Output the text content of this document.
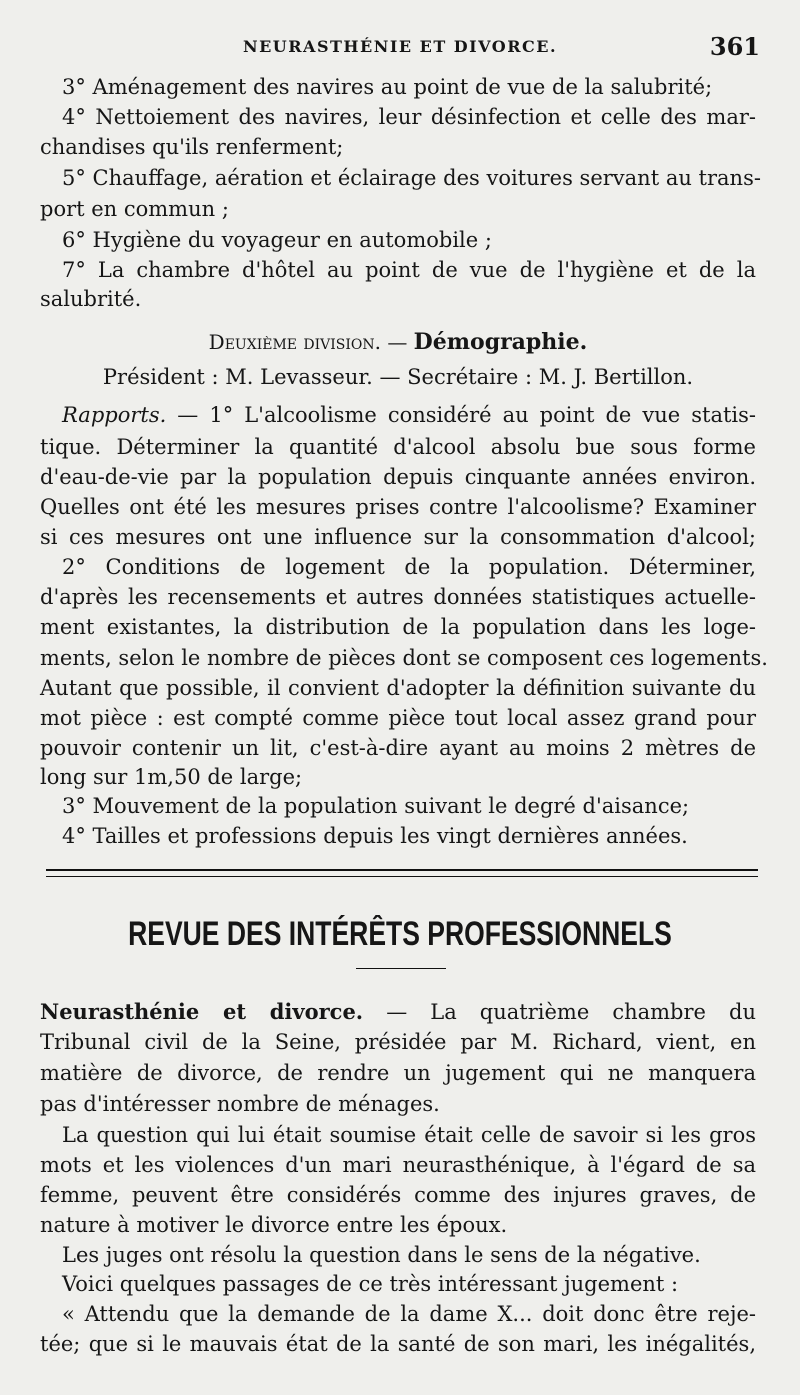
NEURASTHÉNIE ET DIVORCE.	361
3° Aménagement des navires au point de vue de la salubrité;
4° Nettoiement des navires, leur désinfection et celle des mar-
chandises qu'ils renferment;
5° Chauffage, aération et éclairage des voitures servant au trans-
port en commun ;
6° Hygiène du voyageur en automobile ;
7° La chambre d'hôtel au point de vue de l'hygiène et de la
salubrité.
Deuxième division. — Démographie.
Président : M. Levasseur. — Secrétaire : M. J. Bertillon.
Rapports. — 1° L'alcoolisme considéré au point de vue statis-
tique. Déterminer la quantité d'alcool absolu bue sous forme
d'eau-de-vie par la population depuis cinquante années environ.
Quelles ont été les mesures prises contre l'alcoolisme? Examiner
si ces mesures ont une influence sur la consommation d'alcool;
2° Conditions de logement de la population. Déterminer,
d'après les recensements et autres données statistiques actuelle-
ment existantes, la distribution de la population dans les loge-
ments, selon le nombre de pièces dont se composent ces logements.
Autant que possible, il convient d'adopter la définition suivante du
mot pièce : est compté comme pièce tout local assez grand pour
pouvoir contenir un lit, c'est-à-dire ayant au moins 2 mètres de
long sur 1m,50 de large;
3° Mouvement de la population suivant le degré d'aisance;
4° Tailles et professions depuis les vingt dernières années.
REVUE DES INTÉRÊTS PROFESSIONNELS
Neurasthénie et divorce. — La quatrième chambre du
Tribunal civil de la Seine, présidée par M. Richard, vient, en
matière de divorce, de rendre un jugement qui ne manquera
pas d'intéresser nombre de ménages.
La question qui lui était soumise était celle de savoir si les gros
mots et les violences d'un mari neurasthénique, à l'égard de sa
femme, peuvent être considérés comme des injures graves, de
nature à motiver le divorce entre les époux.
Les juges ont résolu la question dans le sens de la négative.
Voici quelques passages de ce très intéressant jugement :
« Attendu que la demande de la dame X... doit donc être reje-
tée; que si le mauvais état de la santé de son mari, les inégalités,
